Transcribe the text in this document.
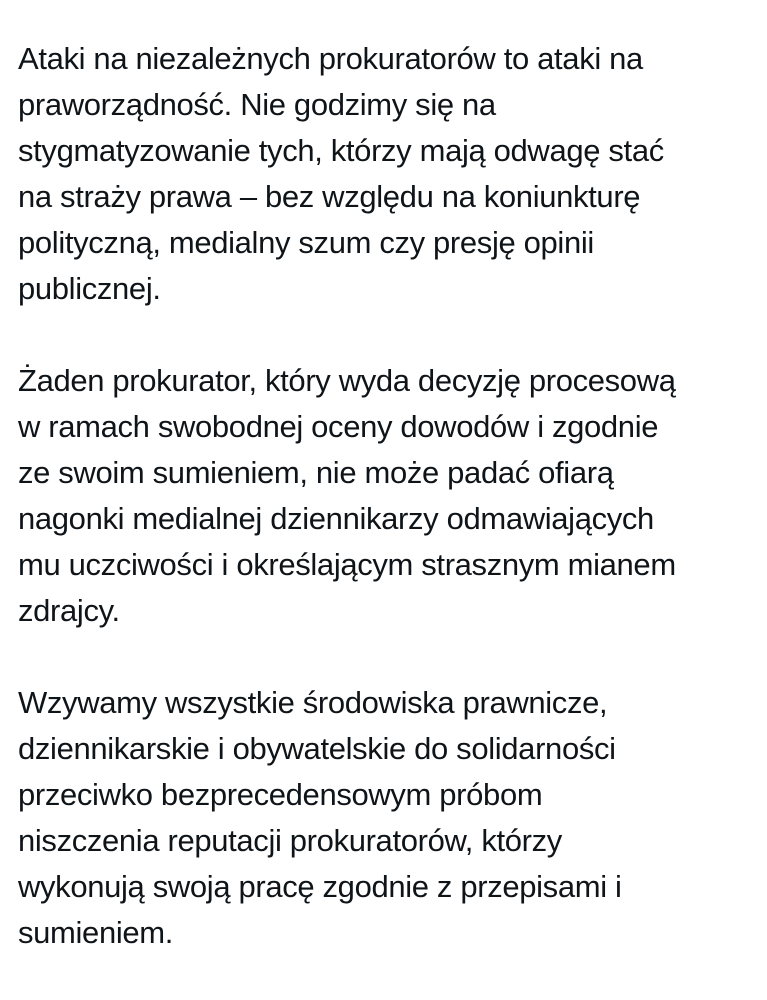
Ataki na niezależnych prokuratorów to ataki na
praworządność. Nie godzimy się na
stygmatyzowanie tych, którzy mają odwagę stać
na straży prawa – bez względu na koniunkturę
polityczną, medialny szum czy presję opinii
publicznej.

Żaden prokurator, który wyda decyzję procesową
w ramach swobodnej oceny dowodów i zgodnie
ze swoim sumieniem, nie może padać ofiarą
nagonki medialnej dziennikarzy odmawiających
mu uczciwości i określającym strasznym mianem
zdrajcy.

Wzywamy wszystkie środowiska prawnicze,
dziennikarskie i obywatelskie do solidarności
przeciwko bezprecedensowym próbom
niszczenia reputacji prokuratorów, którzy
wykonują swoją pracę zgodnie z przepisami i
sumieniem.
